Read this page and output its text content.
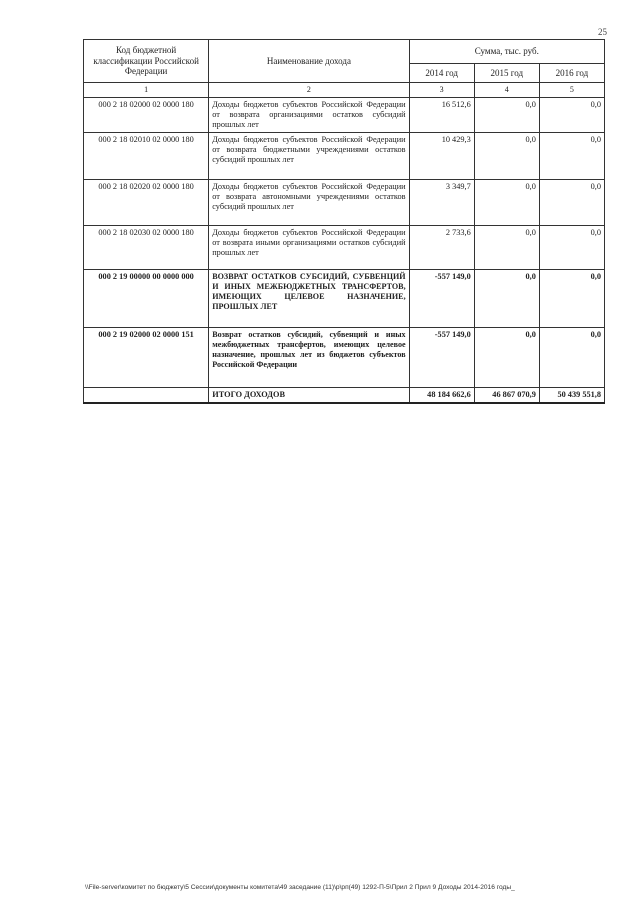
25
Код бюджетной классификации Российской Федерации	Наименование дохода	Сумма, тыс. руб.		
		2014 год	2015 год	2016 год
1	2	3	4	5
000 2 18 02000 02 0000 180	Доходы бюджетов субъектов Российской Федерации от возврата организациями остатков субсидий прошлых лет	16 512,6	0,0	0,0
000 2 18 02010 02 0000 180	Доходы бюджетов субъектов Российской Федерации от возврата бюджетными учреждениями остатков субсидий прошлых лет	10 429,3	0,0	0,0
000 2 18 02020 02 0000 180	Доходы бюджетов субъектов Российской Федерации от возврата автономными учреждениями остатков субсидий прошлых лет	3 349,7	0,0	0,0
000 2 18 02030 02 0000 180	Доходы бюджетов субъектов Российской Федерации от возврата иными организациями остатков субсидий прошлых лет	2 733,6	0,0	0,0
000 2 19 00000 00 0000 000	ВОЗВРАТ ОСТАТКОВ СУБСИДИЙ, СУБВЕНЦИЙ И ИНЫХ МЕЖБЮДЖЕТНЫХ ТРАНСФЕРТОВ, ИМЕЮЩИХ ЦЕЛЕВОЕ НАЗНАЧЕНИЕ, ПРОШЛЫХ ЛЕТ	-557 149,0	0,0	0,0
000 2 19 02000 02 0000 151	Возврат остатков субсидий, субвенций и иных межбюджетных трансфертов, имеющих целевое назначение, прошлых лет из бюджетов субъектов Российской Федерации	-557 149,0	0,0	0,0
	ИТОГО ДОХОДОВ	48 184 662,6	46 867 070,9	50 439 551,8
\\File-server\комитет по бюджету\5 Сессии\документы комитета\49 заседание (11)\р\рп(49) 1292-П-5\Прил 2 Прил 9 Доходы 2014-2016 годы_
